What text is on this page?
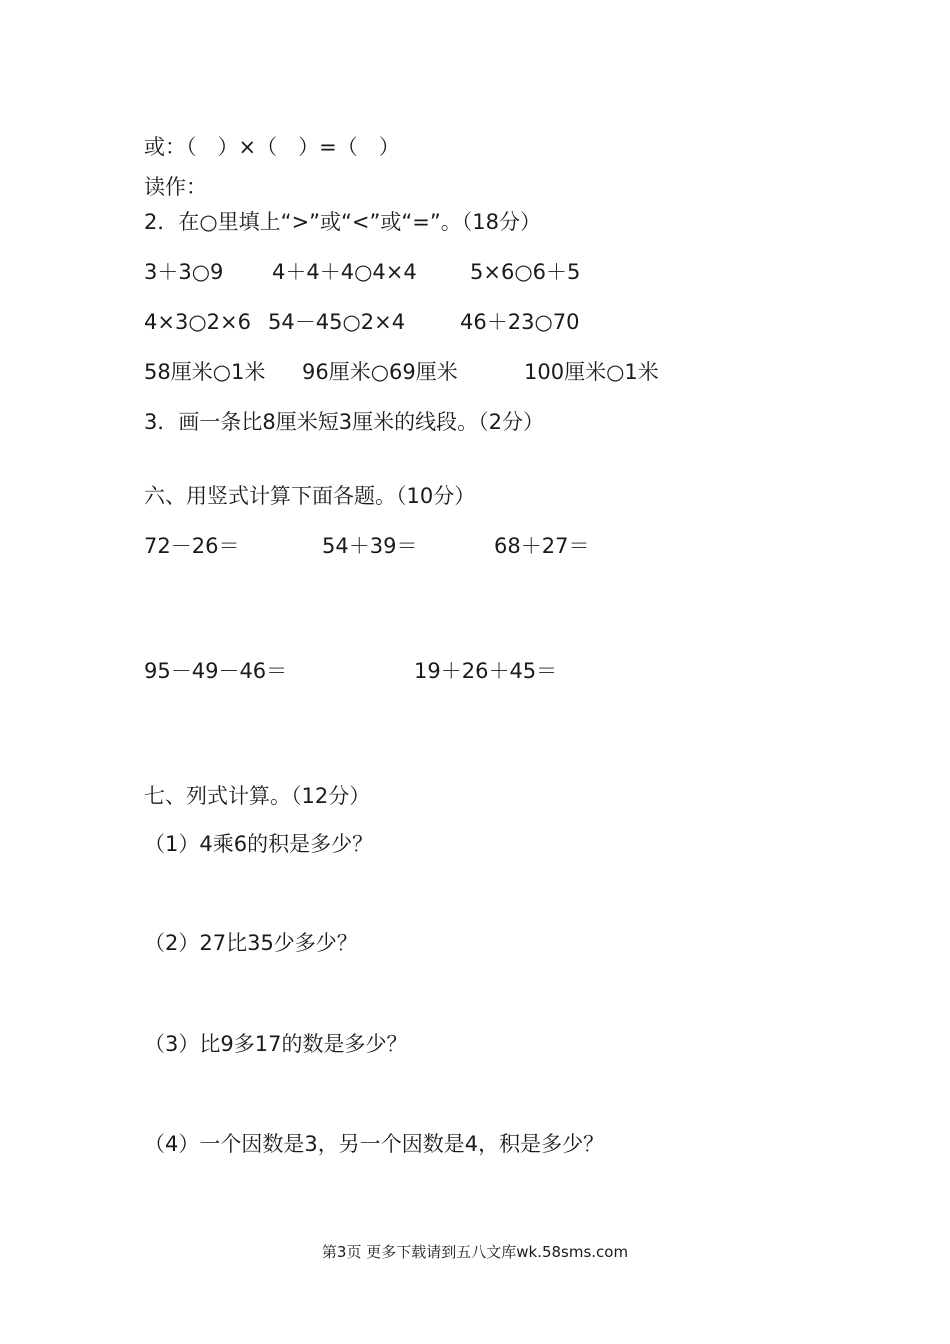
或：（　）×（　）=（　）
读作：
2．在○里填上“>”或“<”或“=”。（18分）
3＋3○9 4＋4＋4○4×4	5×6○6＋5
4×3○2×6 54－45○2×4	46＋23○70
58厘米○1米 96厘米○69厘米	100厘米○1米
3．画一条比8厘米短3厘米的线段。（2分）
六、用竖式计算下面各题。（10分）
72－26＝	54＋39＝	68＋27＝
95－49－46＝	19＋26＋45＝
七、列式计算。（12分）
（1）4乘6的积是多少？
（2）27比35少多少？
（3）比9多17的数是多少？
（4）一个因数是3，另一个因数是4，积是多少？
第3页 更多下载请到五八文库wk.58sms.com
